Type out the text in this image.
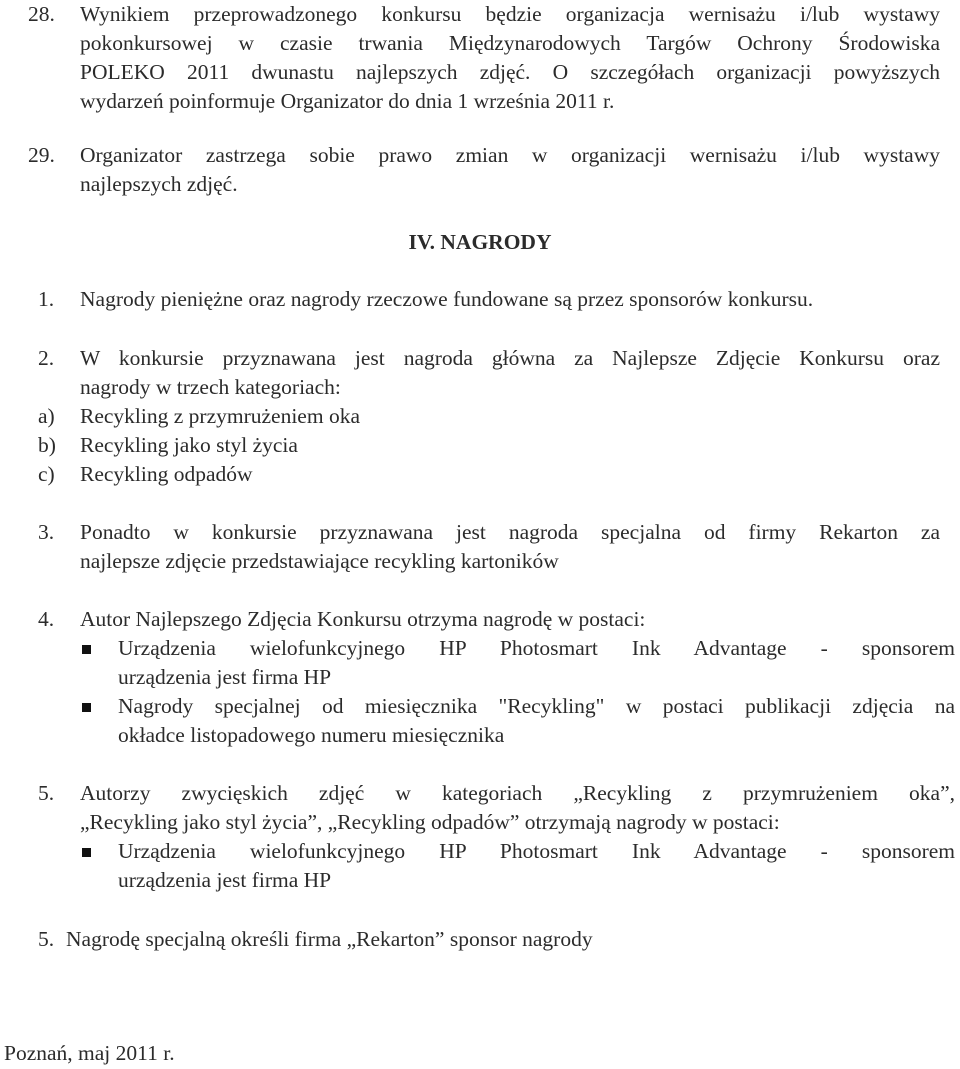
28. Wynikiem przeprowadzonego konkursu będzie organizacja wernisażu i/lub wystawy
pokonkursowej w czasie trwania Międzynarodowych Targów Ochrony Środowiska
POLEKO 2011 dwunastu najlepszych zdjęć. O szczegółach organizacji powyższych
wydarzeń poinformuje Organizator do dnia 1 września 2011 r.
29. Organizator zastrzega sobie prawo zmian w organizacji wernisażu i/lub wystawy
najlepszych zdjęć.
IV. NAGRODY
1. Nagrody pieniężne oraz nagrody rzeczowe fundowane są przez sponsorów konkursu.
2. W konkursie przyznawana jest nagroda główna za Najlepsze Zdjęcie Konkursu oraz
nagrody w trzech kategoriach:
a) Recykling z przymrużeniem oka
b) Recykling jako styl życia
c) Recykling odpadów
3. Ponadto w konkursie przyznawana jest nagroda specjalna od firmy Rekarton za
najlepsze zdjęcie przedstawiające recykling kartoników
4. Autor Najlepszego Zdjęcia Konkursu otrzyma nagrodę w postaci:
Urządzenia wielofunkcyjnego HP Photosmart Ink Advantage - sponsorem
urządzenia jest firma HP
Nagrody specjalnej od miesięcznika "Recykling" w postaci publikacji zdjęcia na
okładce listopadowego numeru miesięcznika
5. Autorzy zwycięskich zdjęć w kategoriach „Recykling z przymrużeniem oka”,
„Recykling jako styl życia”, „Recykling odpadów” otrzymają nagrody w postaci:
Urządzenia wielofunkcyjnego HP Photosmart Ink Advantage - sponsorem
urządzenia jest firma HP
5. Nagrodę specjalną określi firma „Rekarton” sponsor nagrody
Poznań, maj 2011 r.
